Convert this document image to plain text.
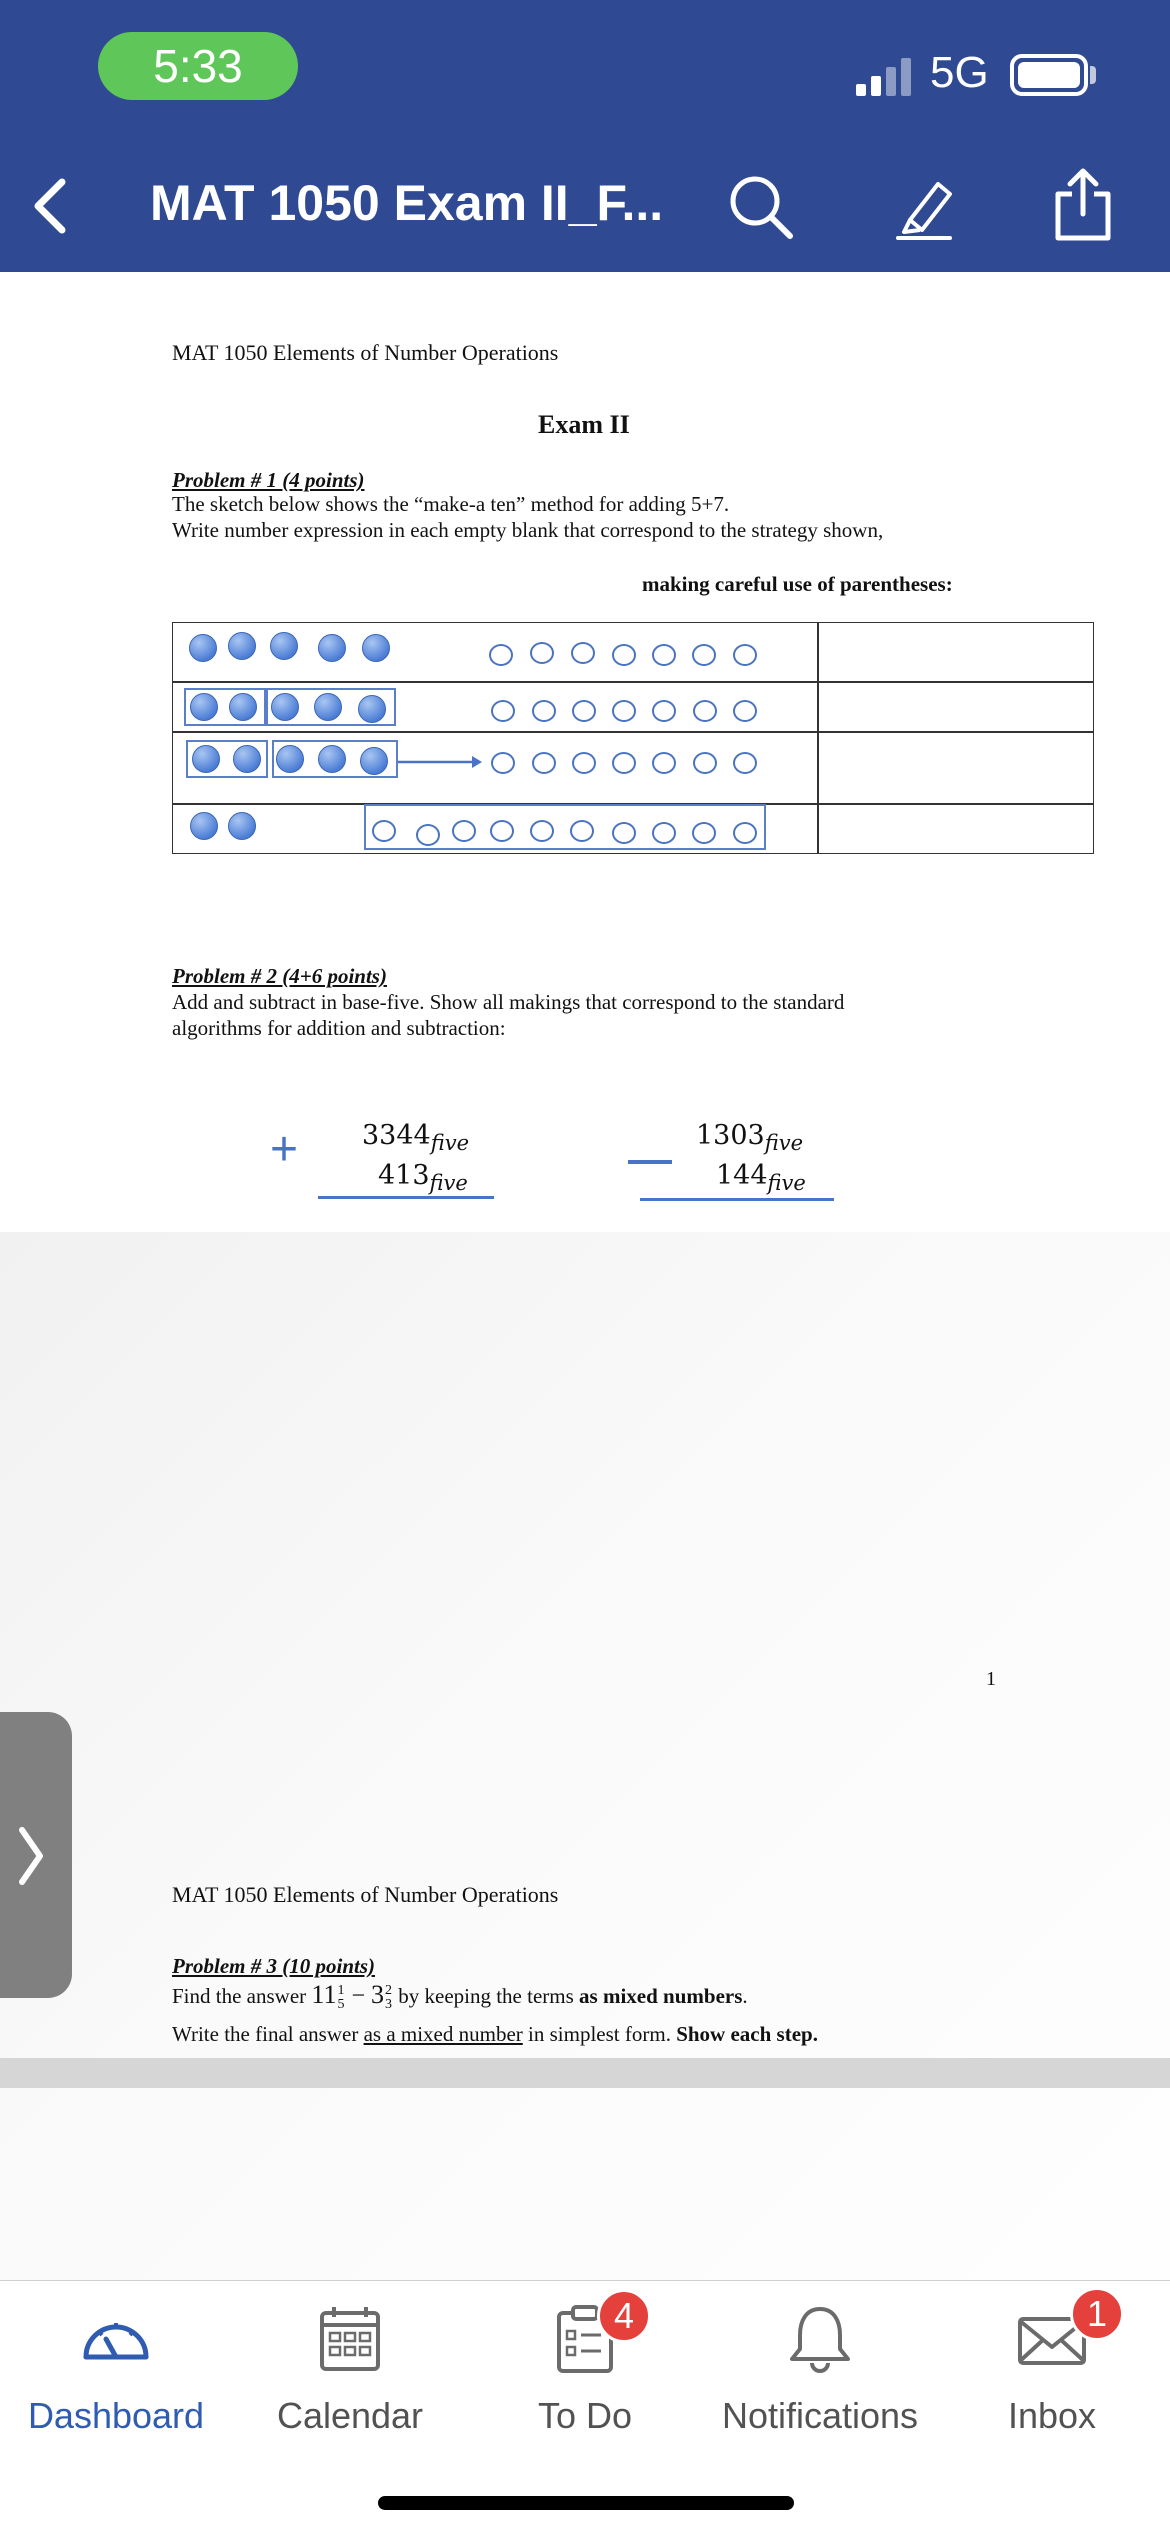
5:33	5G
MAT 1050 Exam II_F...
MAT 1050 Elements of Number Operations
Exam II
Problem # 1 (4 points)
The sketch below shows the “make-a ten” method for adding 5+7.
Write number expression in each empty blank that correspond to the strategy shown,
making careful use of parentheses:
Problem # 2 (4+6 points)
Add and subtract in base-five. Show all makings that correspond to the standard
algorithms for addition and subtraction:
+ $3344_{five}$
$413_{five}$
$1303_{five}$
$144_{five}$
1
MAT 1050 Elements of Number Operations
Problem # 3 (10 points)
Find the answer 11 1
5 − 3 2
3 by keeping the terms as mixed numbers.
Write the final answer as a mixed number in simplest form. Show each step.
Dashboard Calendar
4
To Do Notifications
1
Inbox
